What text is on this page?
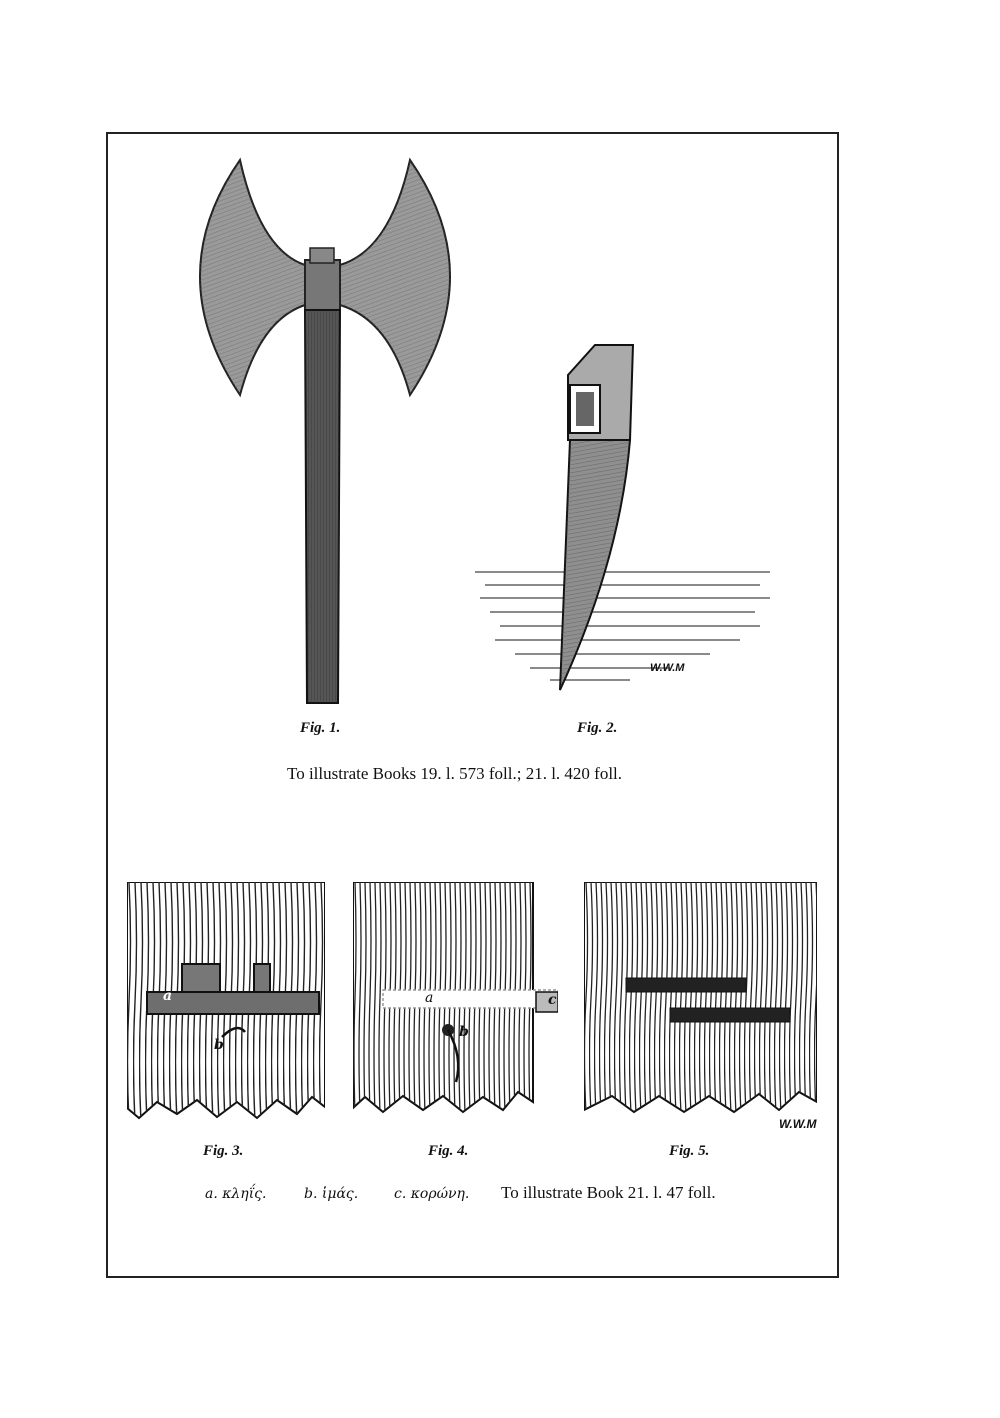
W.W.M
Fig. 1.	Fig. 2.
To illustrate Books 19. l. 573 foll.; 21. l. 420 foll.
a
b
a
b
c
W.W.M
Fig. 3.	Fig. 4.	Fig. 5.
a. κληΐς.	b. ἱμάς.	c. κορώνη. To illustrate Book 21. l. 47 foll.
